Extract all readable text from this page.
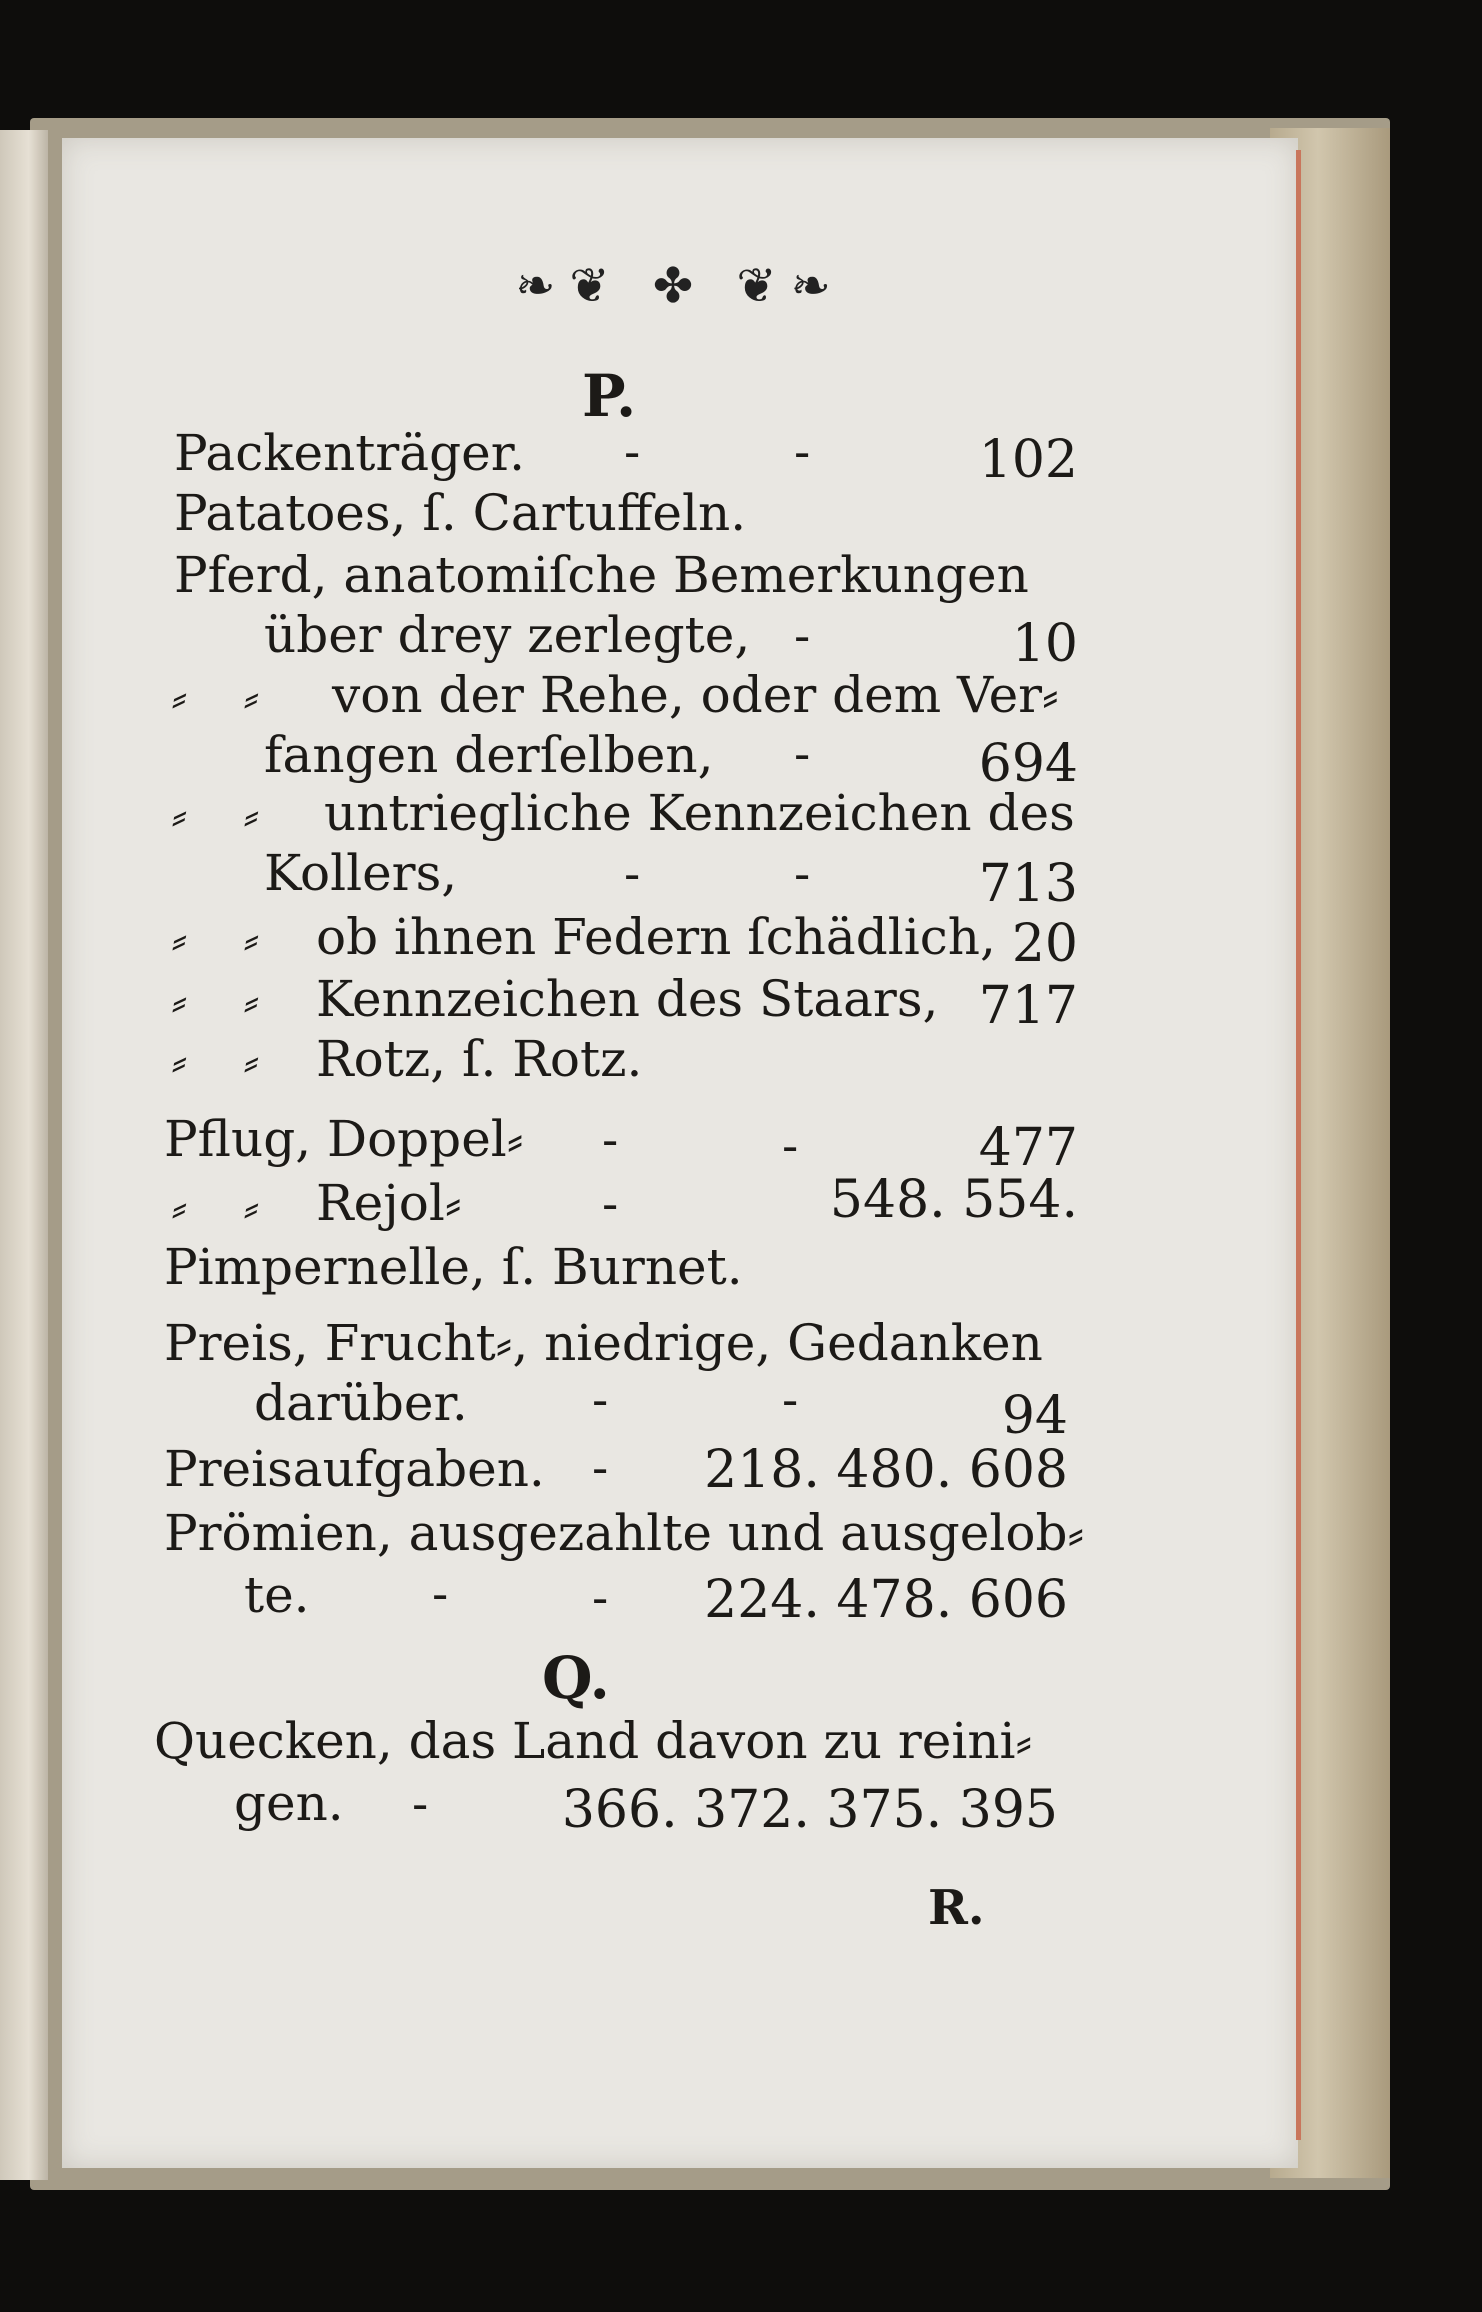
❧❦ ✤ ❦❧
P.
Packenträger. -	-	102
Patatoes, ſ. Cartuffeln.
Pferd, anatomiſche Bemerkungen
über drey zerlegte, -	10
⸗ ⸗ von der Rehe, oder dem Ver⸗
fangen derſelben, -	694
⸗ ⸗ untriegliche Kennzeichen des
Kollers,	-	-	713
⸗ ⸗ ob ihnen Federn ſchädlich, 20
⸗ ⸗ Kennzeichen des Staars, 717
⸗ ⸗ Rotz, ſ. Rotz.
Pflug, Doppel⸗ -	-	477
⸗ ⸗ Rejol⸗	-	548. 554.
Pimpernelle, ſ. Burnet.
Preis, Frucht⸗, niedrige, Gedanken
darüber.	-	-	94
Preisaufgaben. -	218. 480. 608
Prömien, ausgezahlte und ausgelob⸗
te.	-	-	224. 478. 606
Q.
Quecken, das Land davon zu reini⸗
gen. -	366. 372. 375. 395
R.
